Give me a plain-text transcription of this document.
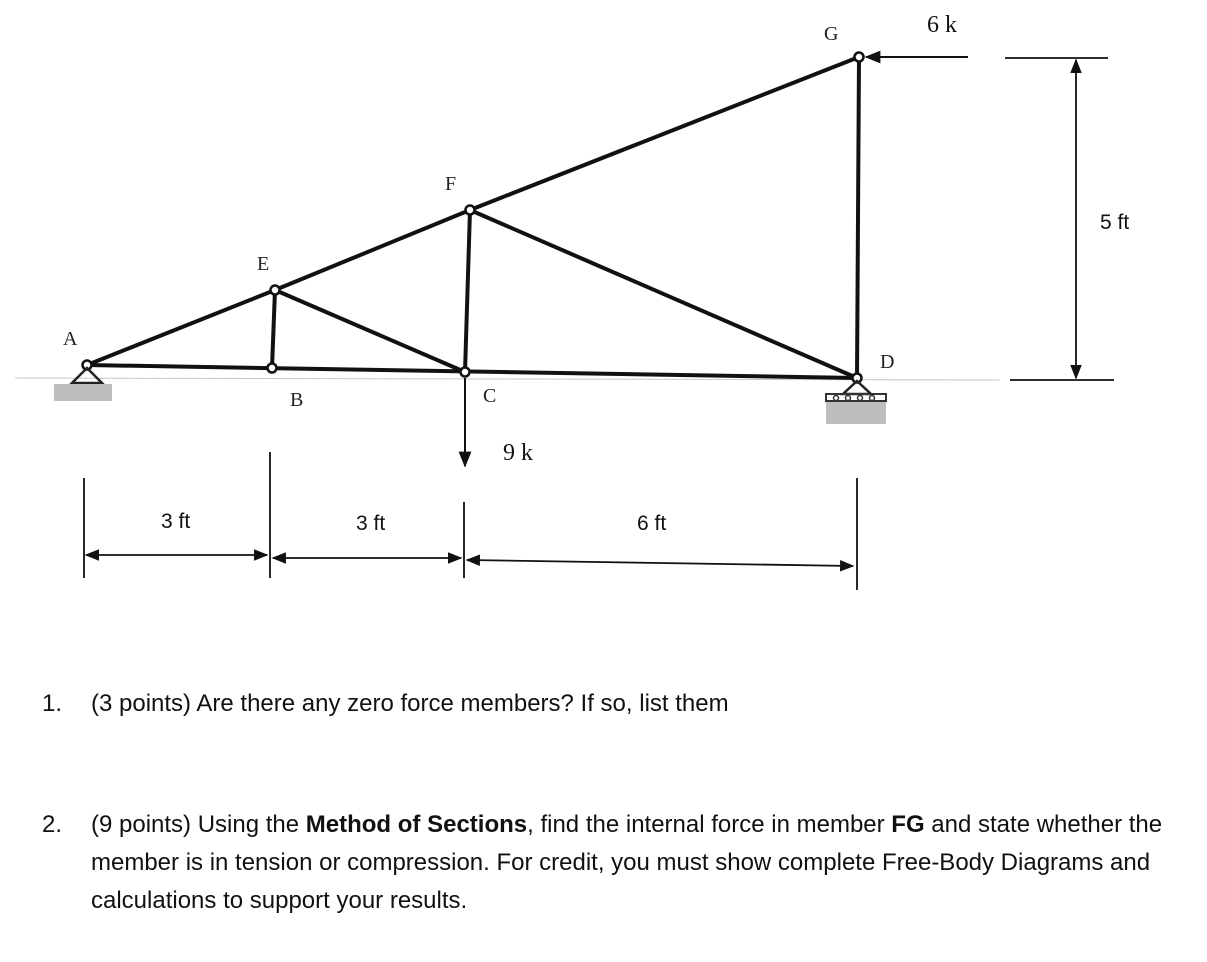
A
B	C
D
E
F
G	6 k
9 k
3 ft	3 ft	6 ft
5 ft
1. (3 points) Are there any zero force members? If so, list them
2. (9 points) Using the Method of Sections, find the internal force in member FG and state whether the member is in tension or compression. For credit, you must show complete Free-Body Diagrams and calculations to support your results.
